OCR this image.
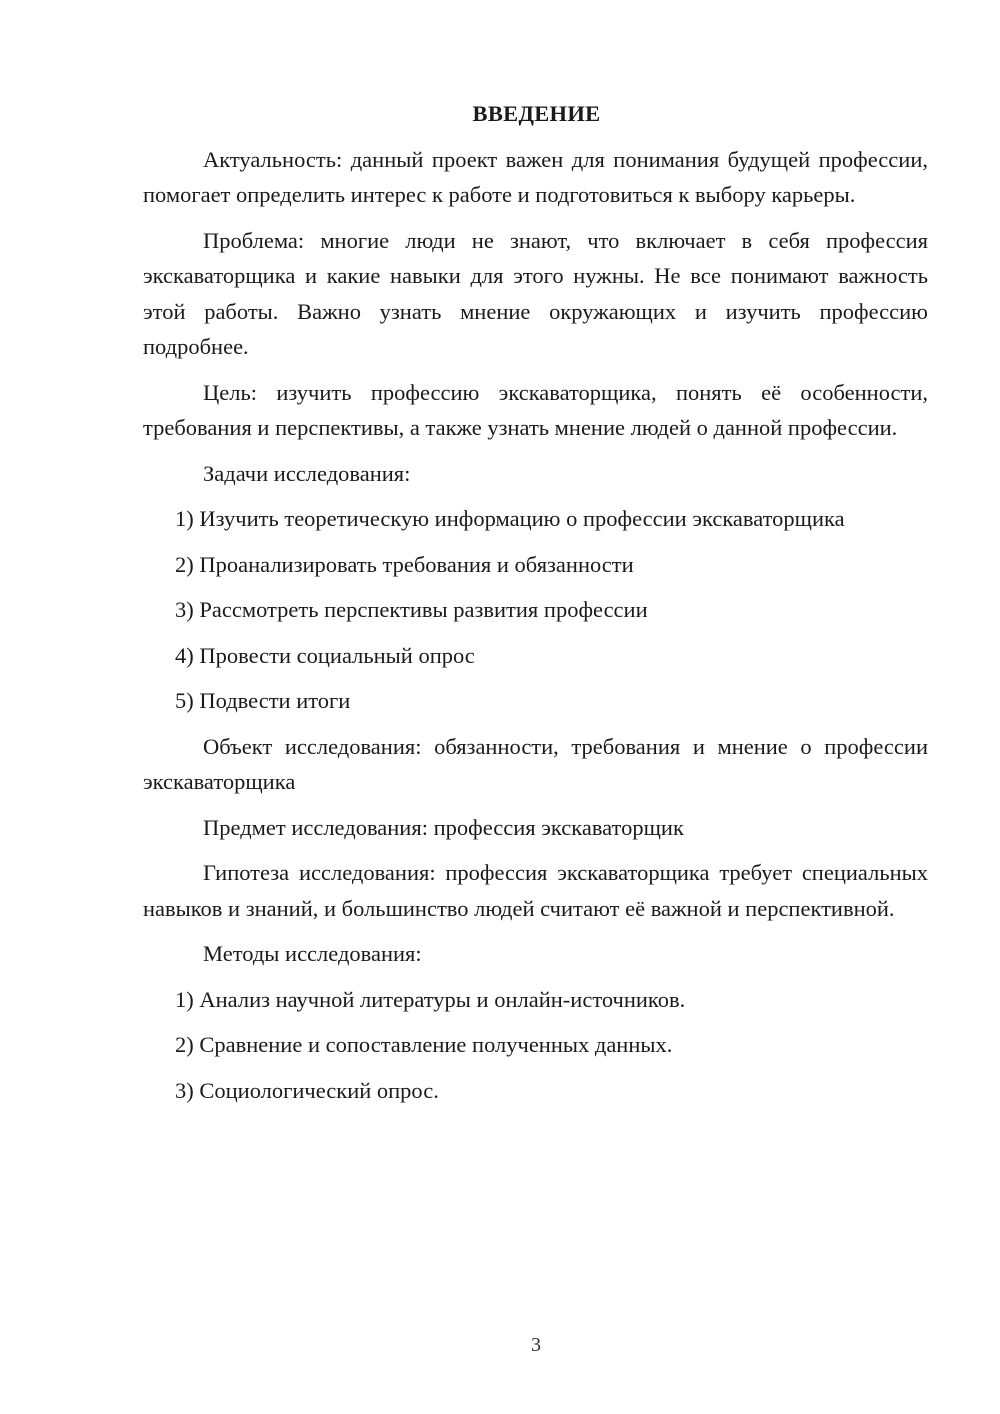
ВВЕДЕНИЕ

Актуальность: данный проект важен для понимания будущей профессии, помогает определить интерес к работе и подготовиться к выбору карьеры.

Проблема: многие люди не знают, что включает в себя профессия экскаваторщика и какие навыки для этого нужны. Не все понимают важность этой работы. Важно узнать мнение окружающих и изучить профессию подробнее.

Цель: изучить профессию экскаваторщика, понять её особенности, требования и перспективы, а также узнать мнение людей о данной профессии.

Задачи исследования:

1) Изучить теоретическую информацию о профессии экскаваторщика
2) Проанализировать требования и обязанности
3) Рассмотреть перспективы развития профессии
4) Провести социальный опрос
5) Подвести итоги

Объект исследования: обязанности, требования и мнение о профессии экскаваторщика

Предмет исследования: профессия экскаваторщик

Гипотеза исследования: профессия экскаваторщика требует специальных навыков и знаний, и большинство людей считают её важной и перспективной.

Методы исследования:

1) Анализ научной литературы и онлайн-источников.
2) Сравнение и сопоставление полученных данных.
3) Социологический опрос.
3
